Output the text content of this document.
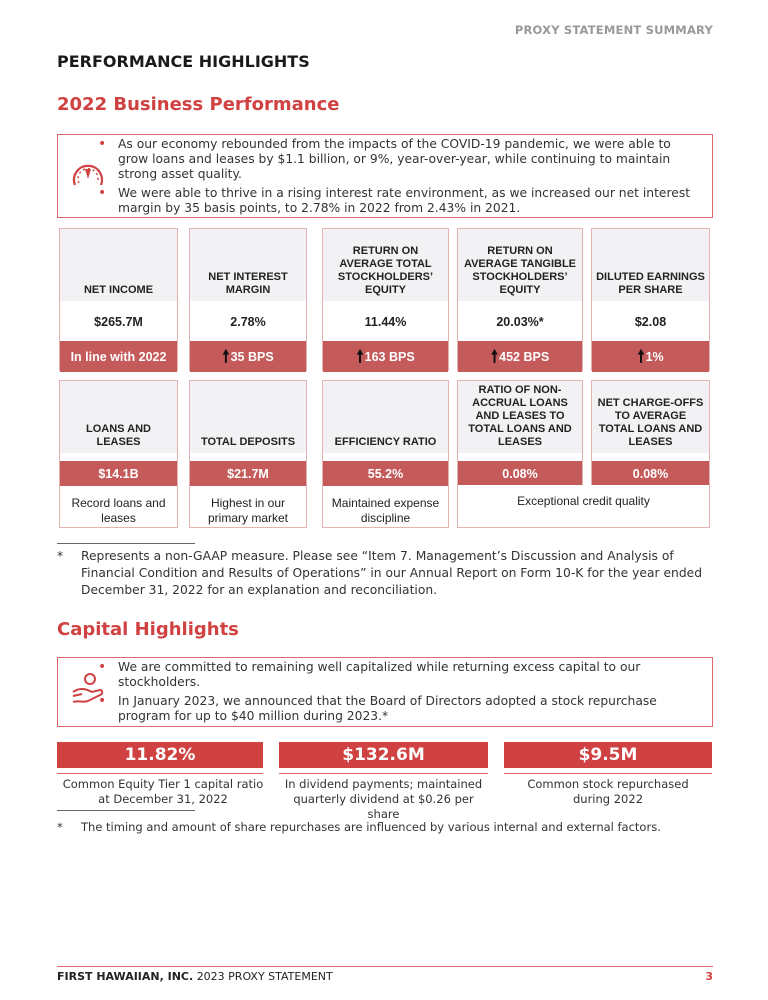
PROXY STATEMENT SUMMARY
PERFORMANCE HIGHLIGHTS
2022 Business Performance
• As our economy rebounded from the impacts of the COVID-19 pandemic, we were able to grow loans and leases by $1.1 billion, or 9%, year-over-year, while continuing to maintain strong asset quality.
• We were able to thrive in a rising interest rate environment, as we increased our net interest margin by 35 basis points, to 2.78% in 2022 from 2.43% in 2021.
NET INCOME
$265.7M
In line with 2022
NET INTEREST MARGIN
2.78%
🠕 35 BPS
RETURN ON AVERAGE TOTAL STOCKHOLDERS’ EQUITY
11.44%
🠕 163 BPS
RETURN ON AVERAGE TANGIBLE STOCKHOLDERS’ EQUITY
20.03%*
🠕 452 BPS
DILUTED EARNINGS PER SHARE
$2.08
🠕 1%
LOANS AND LEASES
$14.1B
Record loans and leases
TOTAL DEPOSITS
$21.7M
Highest in our primary market
EFFICIENCY RATIO
55.2%
Maintained expense discipline
RATIO OF NON-ACCRUAL LOANS AND LEASES TO TOTAL LOANS AND LEASES
0.08%
NET CHARGE-OFFS TO AVERAGE TOTAL LOANS AND LEASES
0.08%
Exceptional credit quality
*	Represents a non-GAAP measure. Please see “Item 7. Management’s Discussion and Analysis of Financial Condition and Results of Operations” in our Annual Report on Form 10-K for the year ended December 31, 2022 for an explanation and reconciliation.
Capital Highlights
• We are committed to remaining well capitalized while returning excess capital to our stockholders.
• In January 2023, we announced that the Board of Directors adopted a stock repurchase program for up to $40 million during 2023.*
11.82%	$132.6M	$9.5M
Common Equity Tier 1 capital ratio at December 31, 2022
In dividend payments; maintained quarterly dividend at $0.26 per share
Common stock repurchased during 2022
*	The timing and amount of share repurchases are influenced by various internal and external factors.
FIRST HAWAIIAN, INC. 2023 PROXY STATEMENT	3
